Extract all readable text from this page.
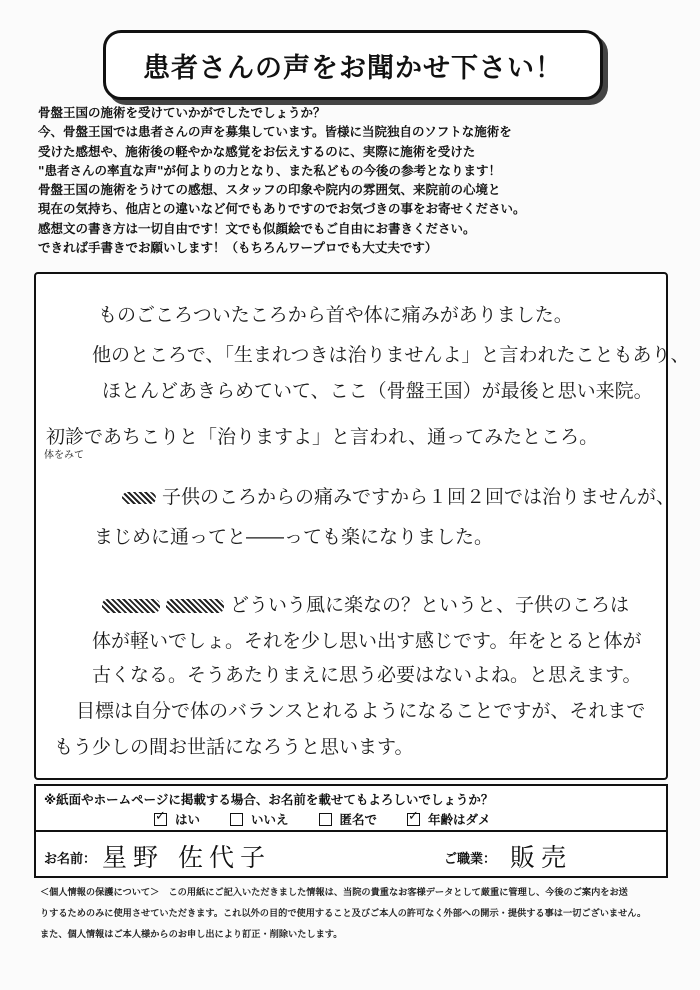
患者さんの声をお聞かせ下さい！
骨盤王国の施術を受けていかがでしたでしょうか？
今、骨盤王国では患者さんの声を募集しています。皆様に当院独自のソフトな施術を
受けた感想や、施術後の軽やかな感覚をお伝えするのに、実際に施術を受けた
"患者さんの率直な声"が何よりの力となり、また私どもの今後の参考となります！
骨盤王国の施術をうけての感想、スタッフの印象や院内の雰囲気、来院前の心境と
現在の気持ち、他店との違いなど何でもありですのでお気づきの事をお寄せください。
感想文の書き方は一切自由です！文でも似顔絵でもご自由にお書きください。
できれば手書きでお願いします！（もちろんワープロでも大丈夫です）
ものごころついたころから首や体に痛みがありました。
他のところで、「生まれつきは治りませんよ」と言われたこともあり、
ほとんどあきらめていて、ここ（骨盤王国）が最後と思い来院。
初診であちこりと「治りますよ」と言われ、通ってみたところ。
体をみて
子供のころからの痛みですから１回２回では治りませんが、
まじめに通ってと――っても楽になりました。
どういう風に楽なの？というと、子供のころは
体が軽いでしょ。それを少し思い出す感じです。年をとると体が
古くなる。そうあたりまえに思う必要はないよね。と思えます。
目標は自分で体のバランスとれるようになることですが、それまで
もう少しの間お世話になろうと思います。
※紙面やホームページに掲載する場合、お名前を載せてもよろしいでしょうか？
✓ はい	いいえ	匿名で ✓ 年齢はダメ
お名前： 星野 佐代子	ご職業： 販売
＜個人情報の保護について＞　この用紙にご記入いただきました情報は、当院の貴重なお客様データとして厳重に管理し、今後のご案内をお送
りするためのみに使用させていただきます。これ以外の目的で使用すること及びご本人の許可なく外部への開示・提供する事は一切ございません。
また、個人情報はご本人様からのお申し出により訂正・削除いたします。
